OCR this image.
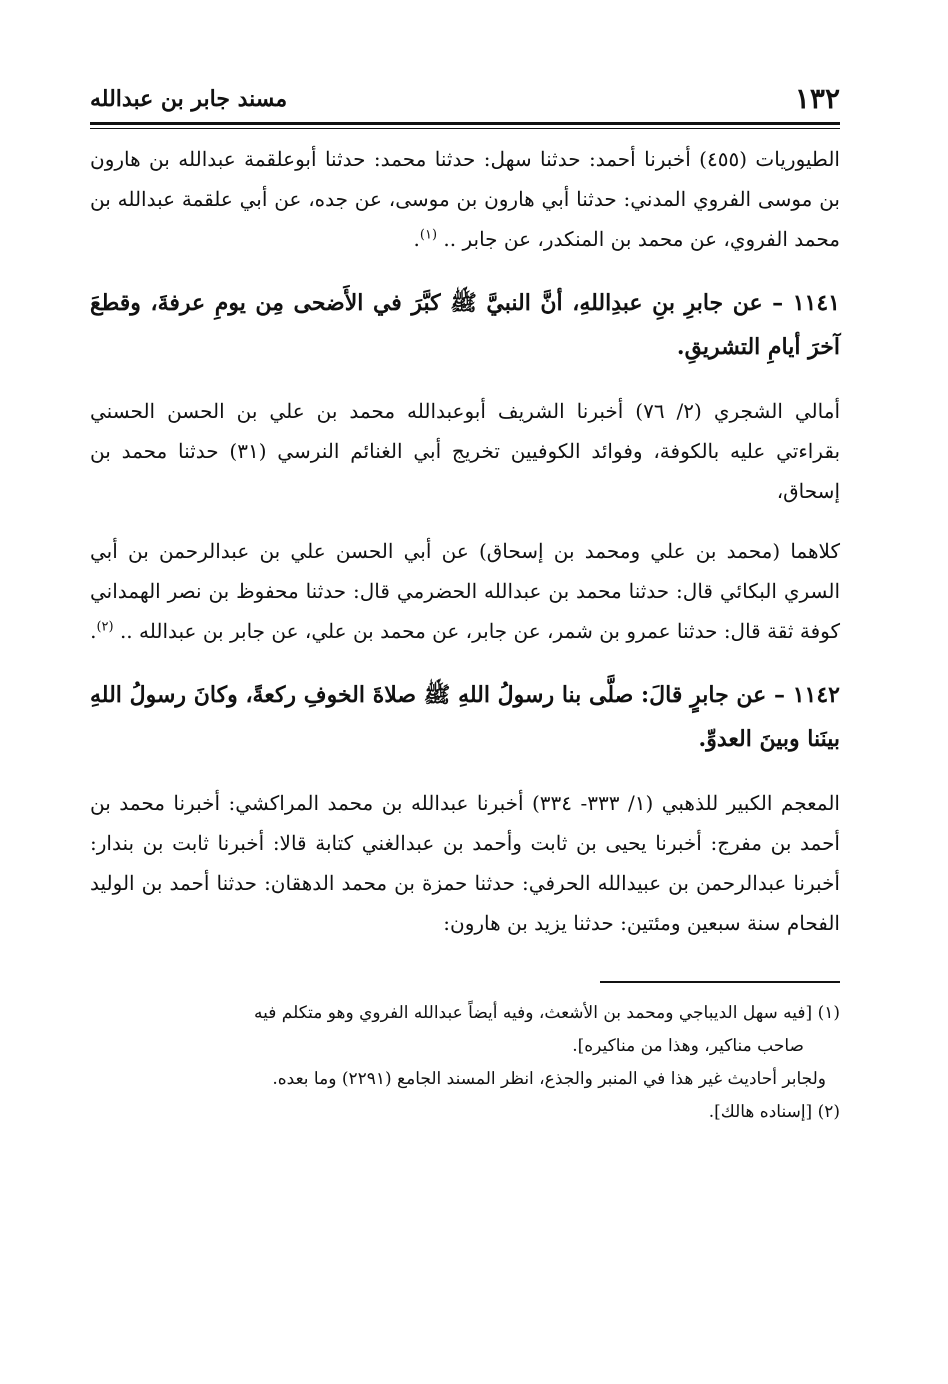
١٣٢
مسند جابر بن عبدالله

الطيوريات (٤٥٥) أخبرنا أحمد: حدثنا سهل: حدثنا محمد: حدثنا أبوعلقمة عبدالله بن هارون بن موسى الفروي المدني: حدثنا أبي هارون بن موسى، عن جده، عن أبي علقمة عبدالله بن محمد الفروي، عن محمد بن المنكدر، عن جابر .. $^{(١)}$.

١١٤١ – عن جابرِ بنِ عبدِاللهِ، أنَّ النبيَّ ﷺ كبَّرَ في الأَضحى مِن يومِ عرفةَ، وقطعَ آخرَ أيامِ التشريقِ.

أمالي الشجري (٢/ ٧٦) أخبرنا الشريف أبوعبدالله محمد بن علي بن الحسن الحسني بقراءتي عليه بالكوفة، وفوائد الكوفيين تخريج أبي الغنائم النرسي (٣١) حدثنا محمد بن إسحاق،

كلاهما (محمد بن علي ومحمد بن إسحاق) عن أبي الحسن علي بن عبدالرحمن بن أبي السري البكائي قال: حدثنا محمد بن عبدالله الحضرمي قال: حدثنا محفوظ بن نصر الهمداني كوفة ثقة قال: حدثنا عمرو بن شمر، عن جابر، عن محمد بن علي، عن جابر بن عبدالله .. $^{(٢)}$.

١١٤٢ – عن جابرٍ قالَ: صلَّى بنا رسولُ اللهِ ﷺ صلاةَ الخوفِ ركعةً، وكانَ رسولُ اللهِ بينَنا وبينَ العدوِّ.

المعجم الكبير للذهبي (١/ ٣٣٣- ٣٣٤) أخبرنا عبدالله بن محمد المراكشي: أخبرنا محمد بن أحمد بن مفرج: أخبرنا يحيى بن ثابت وأحمد بن عبدالغني كتابة قالا: أخبرنا ثابت بن بندار: أخبرنا عبدالرحمن بن عبيدالله الحرفي: حدثنا حمزة بن محمد الدهقان: حدثنا أحمد بن الوليد الفحام سنة سبعين ومئتين: حدثنا يزيد بن هارون:

(١) [فيه سهل الديباجي ومحمد بن الأشعث، وفيه أيضاً عبدالله الفروي وهو متكلم فيه

صاحب مناكير، وهذا من مناكيره].

ولجابر أحاديث غير هذا في المنبر والجذع، انظر المسند الجامع (٢٢٩١) وما بعده.

(٢) [إسناده هالك].
